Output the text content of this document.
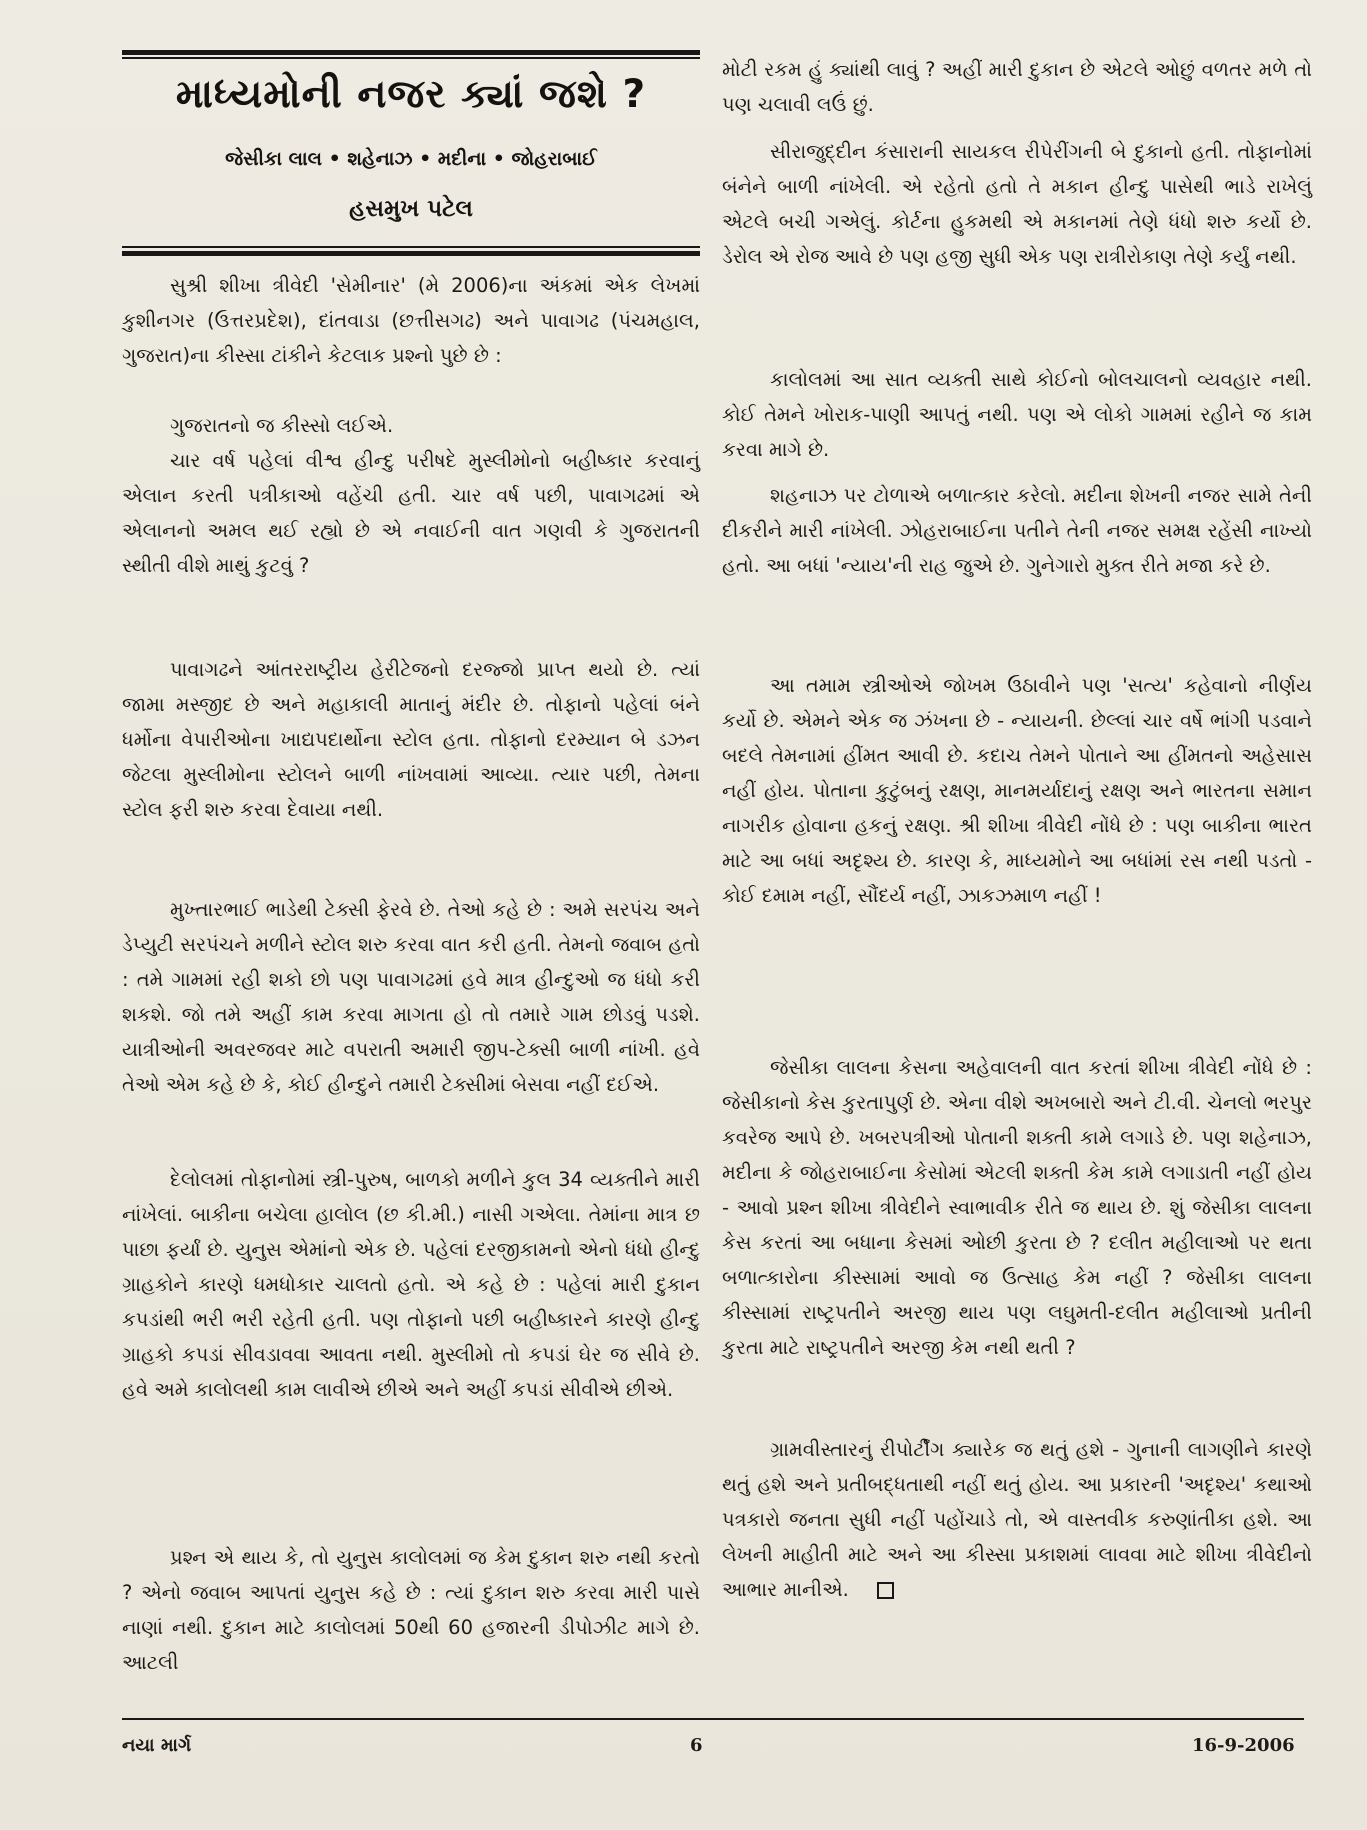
માધ્યમોની નજર ક્યાં જશે ?
જેસીકા લાલ • શહેનાઝ • મદીના • જોહરાબાઈ
હસમુખ પટેલ

સુશ્રી શીખા ત્રીવેદી 'સેમીનાર' (મે 2006)ના અંકમાં એક લેખમાં કુશીનગર (ઉત્તરપ્રદેશ), દાંતવાડા (છત્તીસગઢ) અને પાવાગઢ (પંચમહાલ, ગુજરાત)ના કીસ્સા ટાંકીને કેટલાક પ્રશ્નો પુછે છે :

ગુજરાતનો જ કીસ્સો લઈએ.

ચાર વર્ષ પહેલાં વીશ્વ હીન્દુ પરીષદે મુસ્લીમોનો બહીષ્કાર કરવાનું એલાન કરતી પત્રીકાઓ વહેંચી હતી. ચાર વર્ષ પછી, પાવાગઢમાં એ એલાનનો અમલ થઈ રહ્યો છે એ નવાઈની વાત ગણવી કે ગુજરાતની સ્થીતી વીશે માથું કુટવું ?

પાવાગઢને આંતરરાષ્ટ્રીય હેરીટેજનો દરજ્જો પ્રાપ્ત થયો છે. ત્યાં જામા મસ્જીદ છે અને મહાકાલી માતાનું મંદીર છે. તોફાનો પહેલાં બંને ધર્મોના વેપારીઓના ખાદ્યપદાર્થોના સ્ટોલ હતા. તોફાનો દરમ્યાન બે ડઝન જેટલા મુસ્લીમોના સ્ટોલને બાળી નાંખવામાં આવ્યા. ત્યાર પછી, તેમના સ્ટોલ ફરી શરુ કરવા દેવાયા નથી.

મુખ્તારભાઈ ભાડેથી ટેક્સી ફેરવે છે. તેઓ કહે છે : અમે સરપંચ અને ડેપ્યુટી સરપંચને મળીને સ્ટોલ શરુ કરવા વાત કરી હતી. તેમનો જવાબ હતો : તમે ગામમાં રહી શકો છો પણ પાવાગઢમાં હવે માત્ર હીન્દુઓ જ ધંધો કરી શકશે. જો તમે અહીં કામ કરવા માગતા હો તો તમારે ગામ છોડવું પડશે. યાત્રીઓની અવરજવર માટે વપરાતી અમારી જીપ-ટેક્સી બાળી નાંખી. હવે તેઓ એમ કહે છે કે, કોઈ હીન્દુને તમારી ટેક્સીમાં બેસવા નહીં દઈએ.

દેલોલમાં તોફાનોમાં સ્ત્રી-પુરુષ, બાળકો મળીને કુલ 34 વ્યક્તીને મારી નાંખેલાં. બાકીના બચેલા હાલોલ (છ કી.મી.) નાસી ગએલા. તેમાંના માત્ર છ પાછા ફર્યાં છે. યુનુસ એમાંનો એક છે. પહેલાં દરજીકામનો એનો ધંધો હીન્દુ ગ્રાહકોને કારણે ધમધોકાર ચાલતો હતો. એ કહે છે : પહેલાં મારી દુકાન કપડાંથી ભરી ભરી રહેતી હતી. પણ તોફાનો પછી બહીષ્કારને કારણે હીન્દુ ગ્રાહકો કપડાં સીવડાવવા આવતા નથી. મુસ્લીમો તો કપડાં ઘેર જ સીવે છે. હવે અમે કાલોલથી કામ લાવીએ છીએ અને અહીં કપડાં સીવીએ છીએ.

પ્રશ્ન એ થાય કે, તો યુનુસ કાલોલમાં જ કેમ દુકાન શરુ નથી કરતો ? એનો જવાબ આપતાં યુનુસ કહે છે : ત્યાં દુકાન શરુ કરવા મારી પાસે નાણાં નથી. દુકાન માટે કાલોલમાં 50થી 60 હજારની ડીપોઝીટ માગે છે. આટલી

મોટી રકમ હું ક્યાંથી લાવું ? અહીં મારી દુકાન છે એટલે ઓછું વળતર મળે તો પણ ચલાવી લઉં છું.

સીરાજુદ્દીન કંસારાની સાયકલ રીપેરીંગની બે દુકાનો હતી. તોફાનોમાં બંનેને બાળી નાંખેલી. એ રહેતો હતો તે મકાન હીન્દુ પાસેથી ભાડે રાખેલું એટલે બચી ગએલું. કોર્ટના હુકમથી એ મકાનમાં તેણે ધંધો શરુ કર્યો છે. ડેરોલ એ રોજ આવે છે પણ હજી સુધી એક પણ રાત્રીરોકાણ તેણે કર્યું નથી.

કાલોલમાં આ સાત વ્યક્તી સાથે કોઈનો બોલચાલનો વ્યવહાર નથી. કોઈ તેમને ખોરાક-પાણી આપતું નથી. પણ એ લોકો ગામમાં રહીને જ કામ કરવા માગે છે.

શહનાઝ પર ટોળાએ બળાત્કાર કરેલો. મદીના શેખની નજર સામે તેની દીકરીને મારી નાંખેલી. ઝોહરાબાઈના પતીને તેની નજર સમક્ષ રહેંસી નાખ્યો હતો. આ બધાં 'ન્યાય'ની રાહ જુએ છે. ગુનેગારો મુક્ત રીતે મજા કરે છે.

આ તમામ સ્ત્રીઓએ જોખમ ઉઠાવીને પણ 'સત્ય' કહેવાનો નીર્ણય કર્યો છે. એમને એક જ ઝંખના છે - ન્યાયની. છેલ્લાં ચાર વર્ષે ભાંગી પડવાને બદલે તેમનામાં હીંમત આવી છે. કદાચ તેમને પોતાને આ હીંમતનો અહેસાસ નહીં હોય. પોતાના કુટુંબનું રક્ષણ, માનમર્યાદાનું રક્ષણ અને ભારતના સમાન નાગરીક હોવાના હકનું રક્ષણ. શ્રી શીખા ત્રીવેદી નોંધે છે : પણ બાકીના ભારત માટે આ બધાં અદૃશ્ય છે. કારણ કે, માધ્યમોને આ બધાંમાં રસ નથી પડતો - કોઈ દમામ નહીં, સૌંદર્ય નહીં, ઝાકઝમાળ નહીં !

જેસીકા લાલના કેસના અહેવાલની વાત કરતાં શીખા ત્રીવેદી નોંધે છે : જેસીકાનો કેસ કુરતાપુર્ણ છે. એના વીશે અખબારો અને ટી.વી. ચેનલો ભરપુર કવરેજ આપે છે. ખબરપત્રીઓ પોતાની શક્તી કામે લગાડે છે. પણ શહેનાઝ, મદીના કે જોહરાબાઈના કેસોમાં એટલી શક્તી કેમ કામે લગાડાતી નહીં હોય - આવો પ્રશ્ન શીખા ત્રીવેદીને સ્વાભાવીક રીતે જ થાય છે. શું જેસીકા લાલના કેસ કરતાં આ બધાના કેસમાં ઓછી કુરતા છે ? દલીત મહીલાઓ પર થતા બળાત્કારોના કીસ્સામાં આવો જ ઉત્સાહ કેમ નહીં ? જેસીકા લાલના કીસ્સામાં રાષ્ટ્રપતીને અરજી થાય પણ લઘુમતી-દલીત મહીલાઓ પ્રતીની કુરતા માટે રાષ્ટ્રપતીને અરજી કેમ નથી થતી ?

ગ્રામવીસ્તારનું રીપોર્ટીંગ ક્યારેક જ થતું હશે - ગુનાની લાગણીને કારણે થતું હશે અને પ્રતીબદ્ધતાથી નહીં થતું હોય. આ પ્રકારની 'અદૃશ્ય' કથાઓ પત્રકારો જનતા સુધી નહીં પહોંચાડે તો, એ વાસ્તવીક કરુણાંતીકા હશે. આ લેખની માહીતી માટે અને આ કીસ્સા પ્રકાશમાં લાવવા માટે શીખા ત્રીવેદીનો આભાર માનીએ.

નયા માર્ગ	6	16-9-2006
